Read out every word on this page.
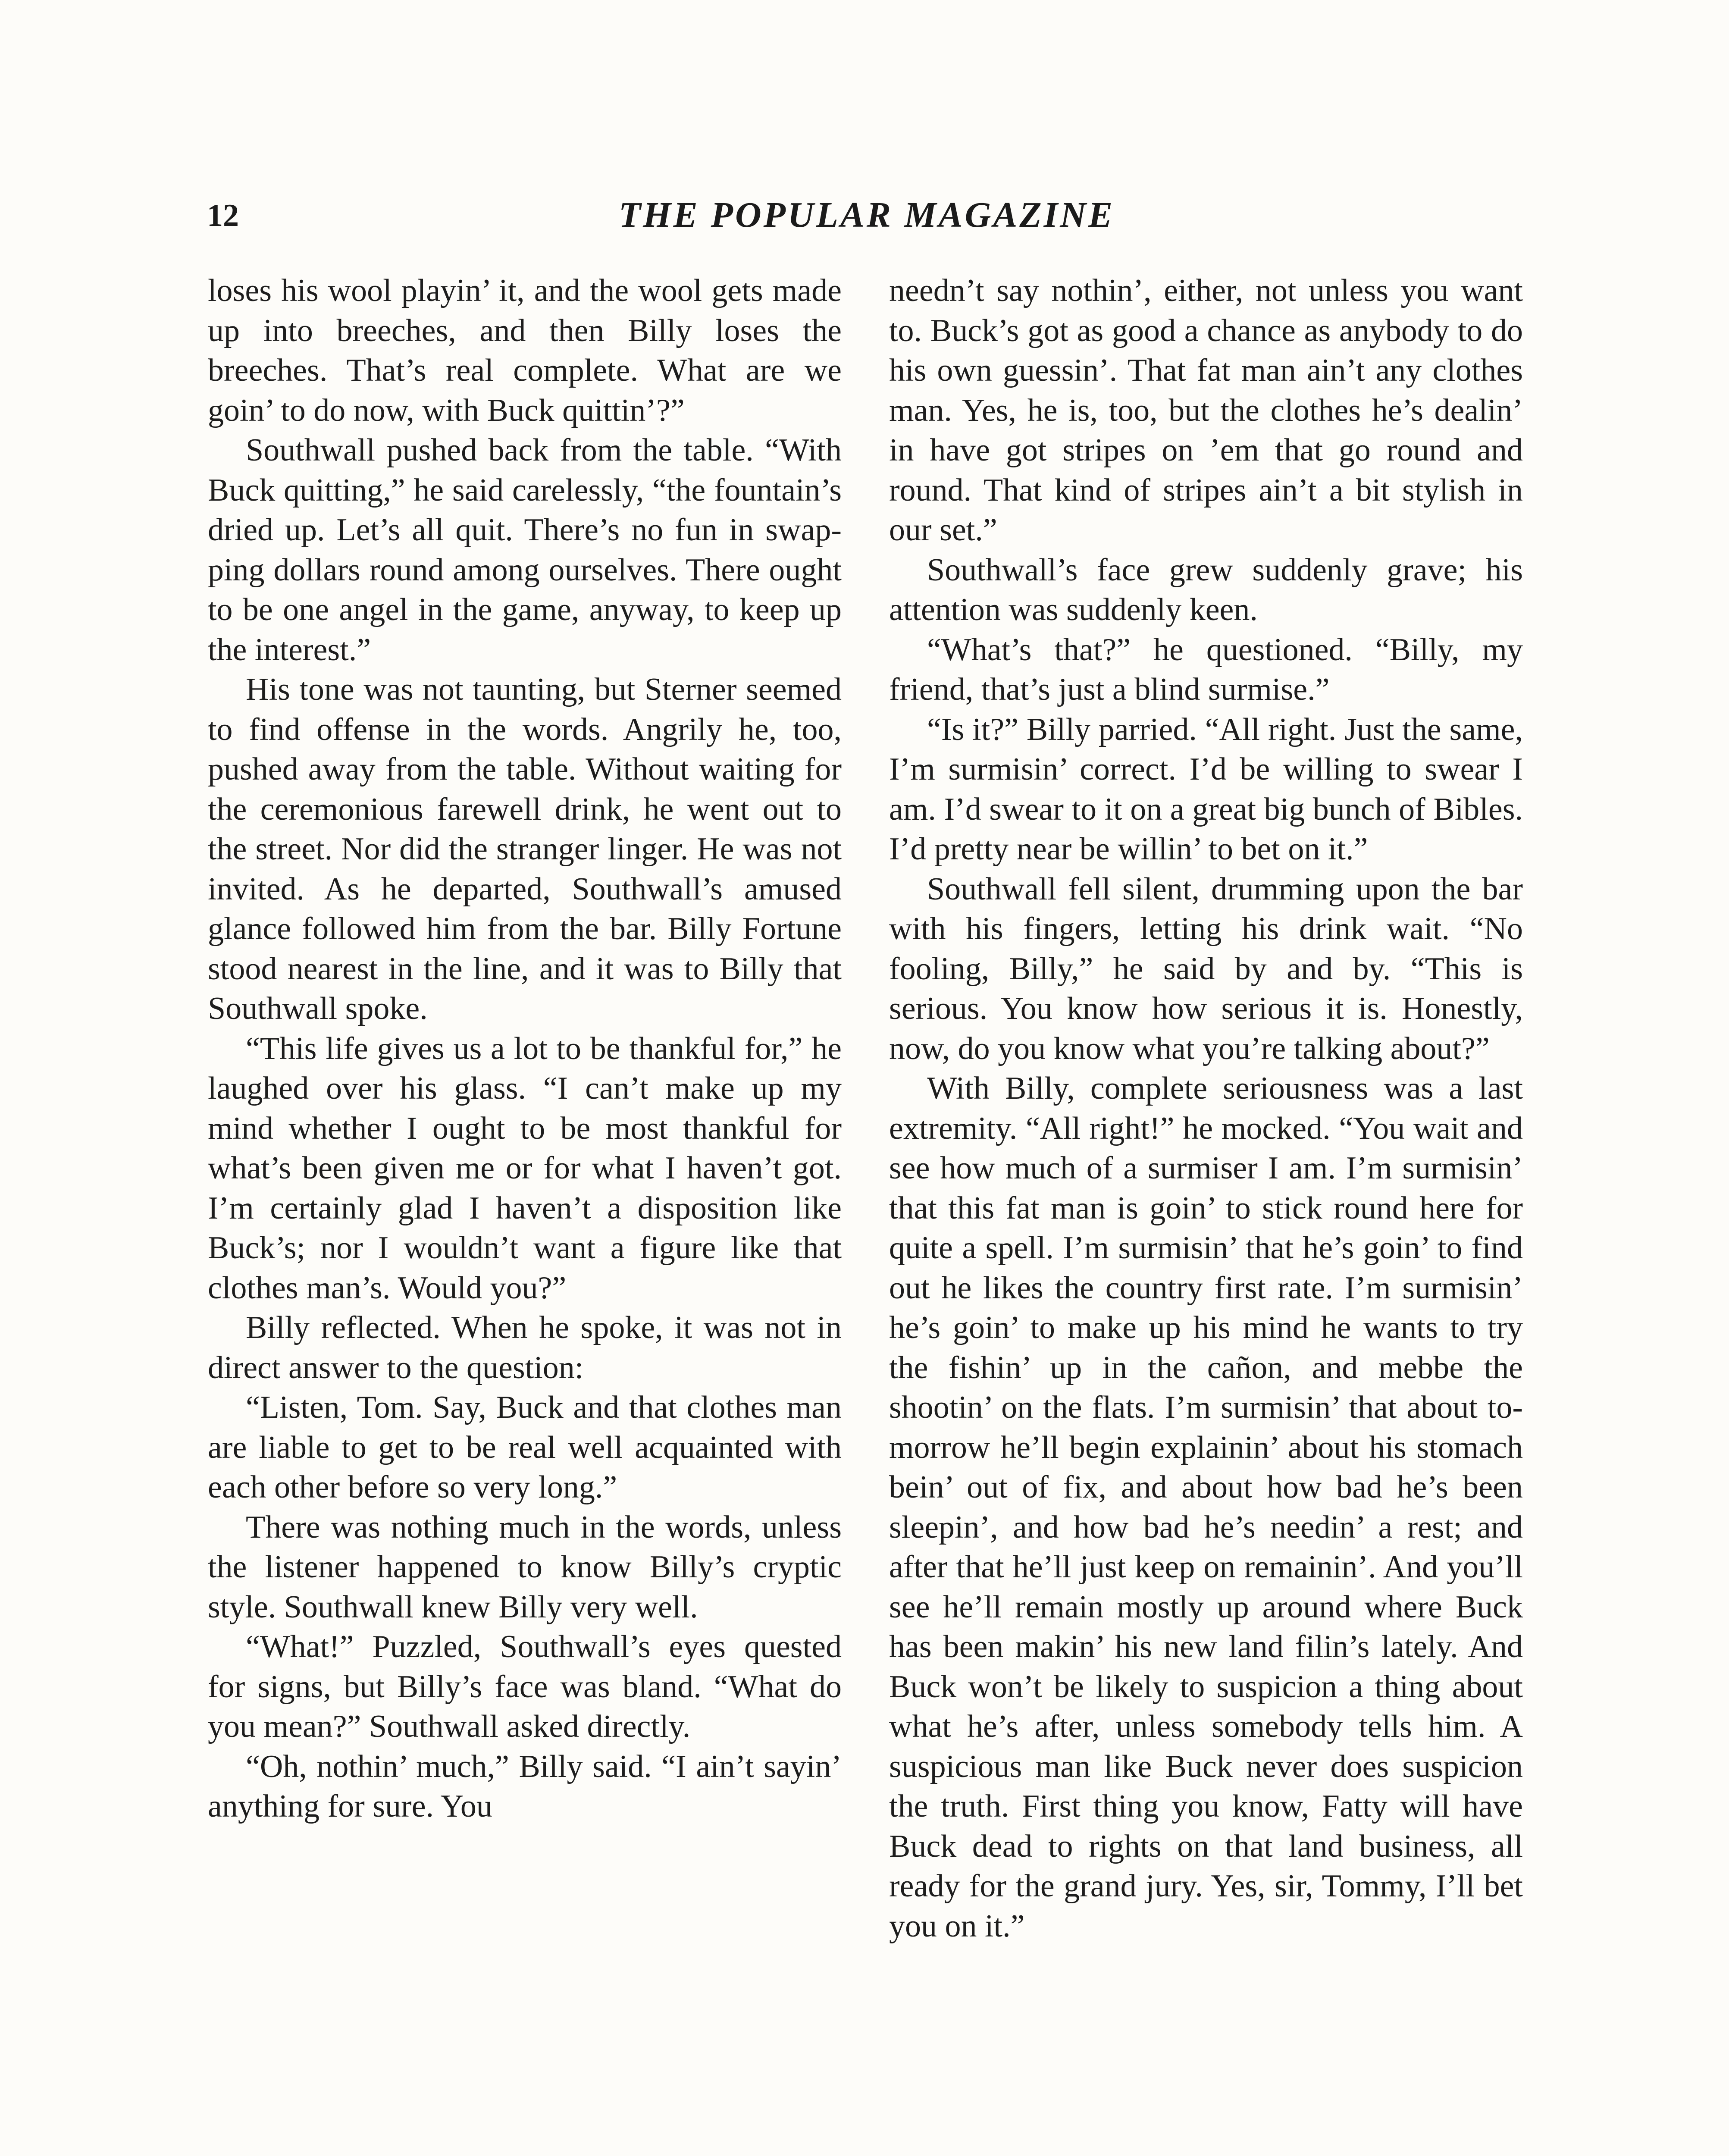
12	THE POPULAR MAGAZINE

loses his wool playin’ it, and the wool gets made up into breeches, and then Billy loses the breeches. That’s real complete. What are we goin’ to do now, with Buck quittin’?”

Southwall pushed back from the table. “With Buck quitting,” he said carelessly, “the fountain’s dried up. Let’s all quit. There’s no fun in swapping dollars round among ourselves. There ought to be one angel in the game, anyway, to keep up the interest.”

His tone was not taunting, but Sterner seemed to find offense in the words. Angrily he, too, pushed away from the table. Without waiting for the ceremonious farewell drink, he went out to the street. Nor did the stranger linger. He was not invited. As he departed, Southwall’s amused glance followed him from the bar. Billy Fortune stood nearest in the line, and it was to Billy that Southwall spoke.

“This life gives us a lot to be thankful for,” he laughed over his glass. “I can’t make up my mind whether I ought to be most thankful for what’s been given me or for what I haven’t got. I’m certainly glad I haven’t a disposition like Buck’s; nor I wouldn’t want a figure like that clothes man’s. Would you?”

Billy reflected. When he spoke, it was not in direct answer to the question:

“Listen, Tom. Say, Buck and that clothes man are liable to get to be real well acquainted with each other before so very long.”

There was nothing much in the words, unless the listener happened to know Billy’s cryptic style. Southwall knew Billy very well.

“What!” Puzzled, Southwall’s eyes quested for signs, but Billy’s face was bland. “What do you mean?” Southwall asked directly.

“Oh, nothin’ much,” Billy said. “I ain’t sayin’ anything for sure. You

needn’t say nothin’, either, not unless you want to. Buck’s got as good a chance as anybody to do his own guessin’. That fat man ain’t any clothes man. Yes, he is, too, but the clothes he’s dealin’ in have got stripes on ’em that go round and round. That kind of stripes ain’t a bit stylish in our set.”

Southwall’s face grew suddenly grave; his attention was suddenly keen.

“What’s that?” he questioned. “Billy, my friend, that’s just a blind surmise.”

“Is it?” Billy parried. “All right. Just the same, I’m surmisin’ correct. I’d be willing to swear I am. I’d swear to it on a great big bunch of Bibles. I’d pretty near be willin’ to bet on it.”

Southwall fell silent, drumming upon the bar with his fingers, letting his drink wait. “No fooling, Billy,” he said by and by. “This is serious. You know how serious it is. Honestly, now, do you know what you’re talking about?”

With Billy, complete seriousness was a last extremity. “All right!” he mocked. “You wait and see how much of a surmiser I am. I’m surmisin’ that this fat man is goin’ to stick round here for quite a spell. I’m surmisin’ that he’s goin’ to find out he likes the country first rate. I’m surmisin’ he’s goin’ to make up his mind he wants to try the fishin’ up in the cañon, and mebbe the shootin’ on the flats. I’m surmisin’ that about to-morrow he’ll begin explainin’ about his stomach bein’ out of fix, and about how bad he’s been sleepin’, and how bad he’s needin’ a rest; and after that he’ll just keep on remainin’. And you’ll see he’ll remain mostly up around where Buck has been makin’ his new land filin’s lately. And Buck won’t be likely to suspicion a thing about what he’s after, unless somebody tells him. A suspicious man like Buck never does suspicion the truth. First thing you know, Fatty will have Buck dead to rights on that land business, all ready for the grand jury. Yes, sir, Tommy, I’ll bet you on it.”
